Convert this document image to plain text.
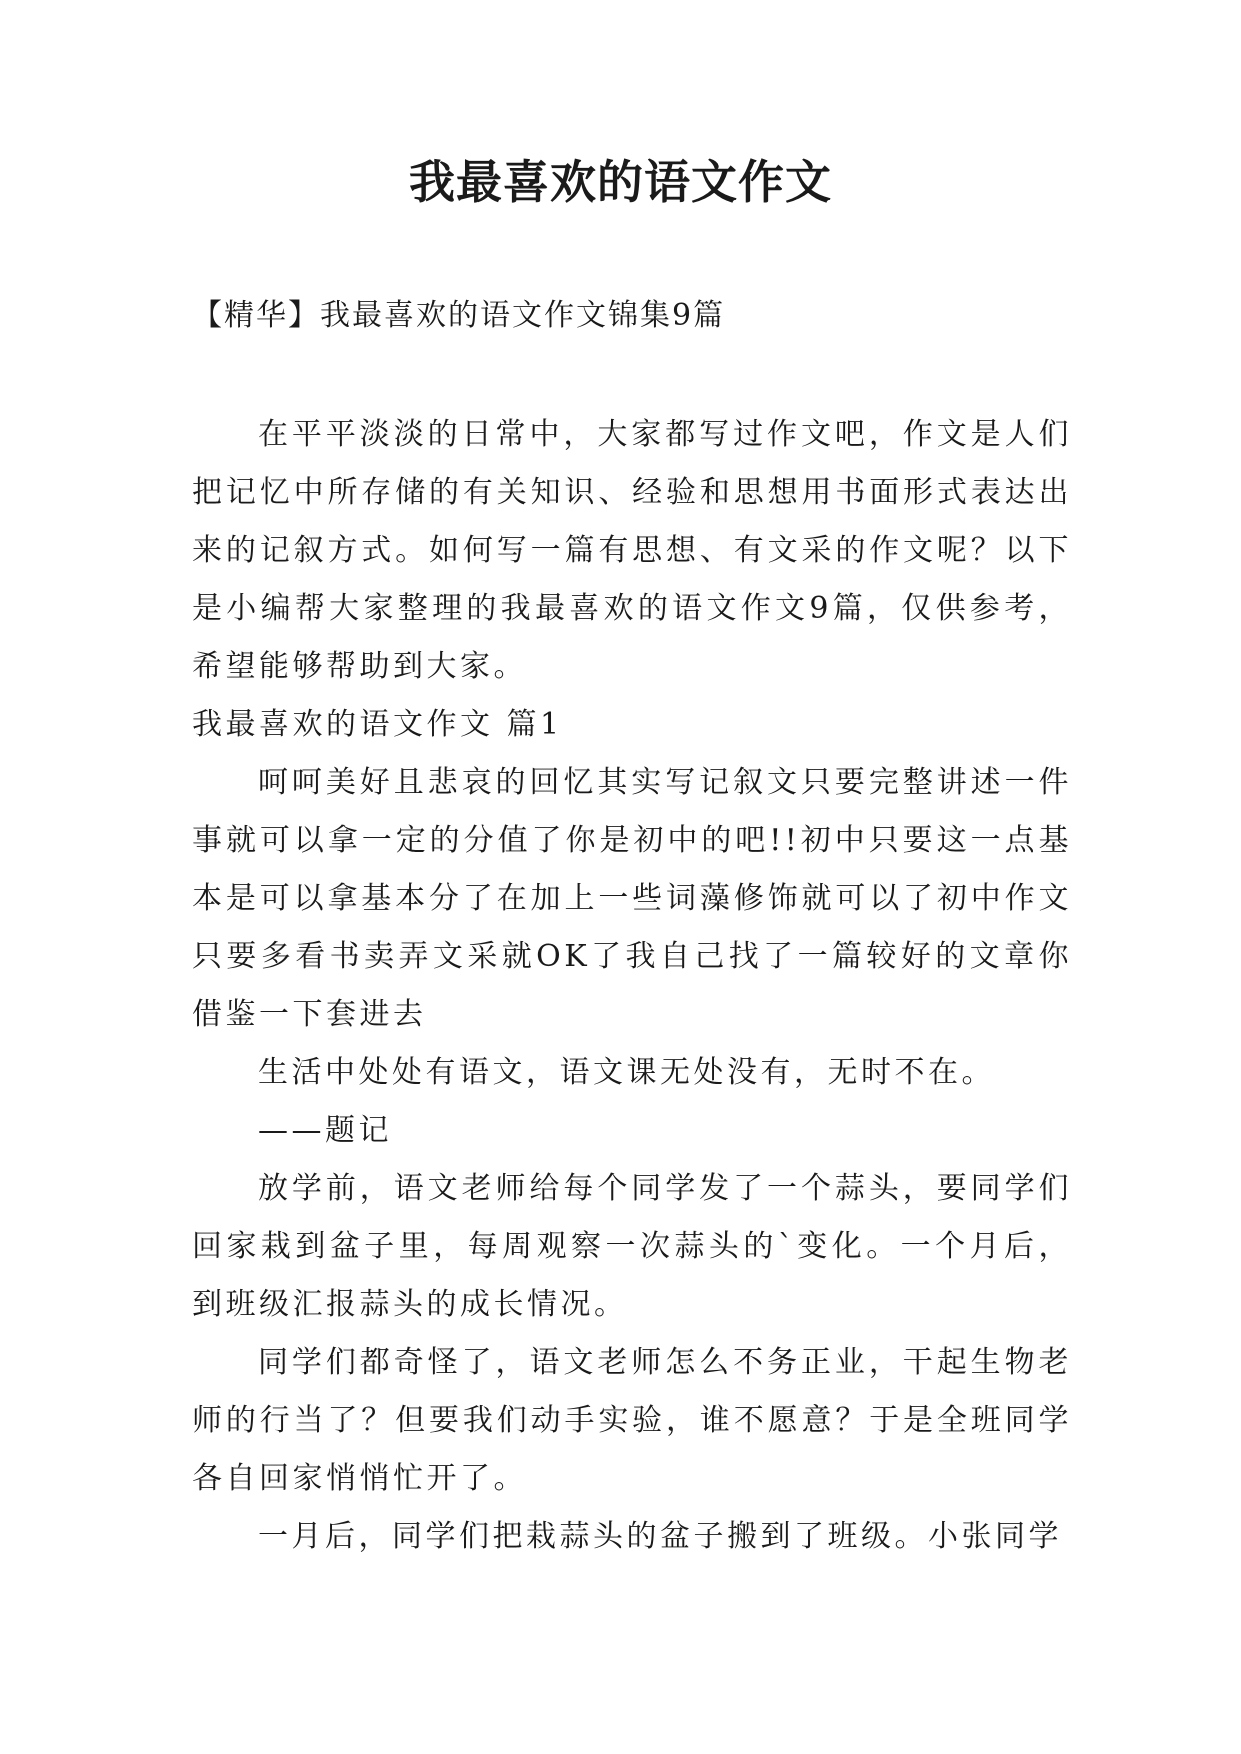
我最喜欢的语文作文

【精华】我最喜欢的语文作文锦集9篇

在平平淡淡的日常中，大家都写过作文吧，作文是人们把记忆中所存储的有关知识、经验和思想用书面形式表达出来的记叙方式。如何写一篇有思想、有文采的作文呢？以下是小编帮大家整理的我最喜欢的语文作文9篇，仅供参考，希望能够帮助到大家。

我最喜欢的语文作文 篇1

呵呵美好且悲哀的回忆其实写记叙文只要完整讲述一件事就可以拿一定的分值了你是初中的吧!!初中只要这一点基本是可以拿基本分了在加上一些词藻修饰就可以了初中作文只要多看书卖弄文采就OK了我自己找了一篇较好的文章你借鉴一下套进去

生活中处处有语文，语文课无处没有，无时不在。

——题记

放学前，语文老师给每个同学发了一个蒜头，要同学们回家栽到盆子里，每周观察一次蒜头的`变化。一个月后，到班级汇报蒜头的成长情况。

同学们都奇怪了，语文老师怎么不务正业，干起生物老师的行当了？但要我们动手实验，谁不愿意？于是全班同学各自回家悄悄忙开了。

一月后，同学们把栽蒜头的盆子搬到了班级。小张同学
